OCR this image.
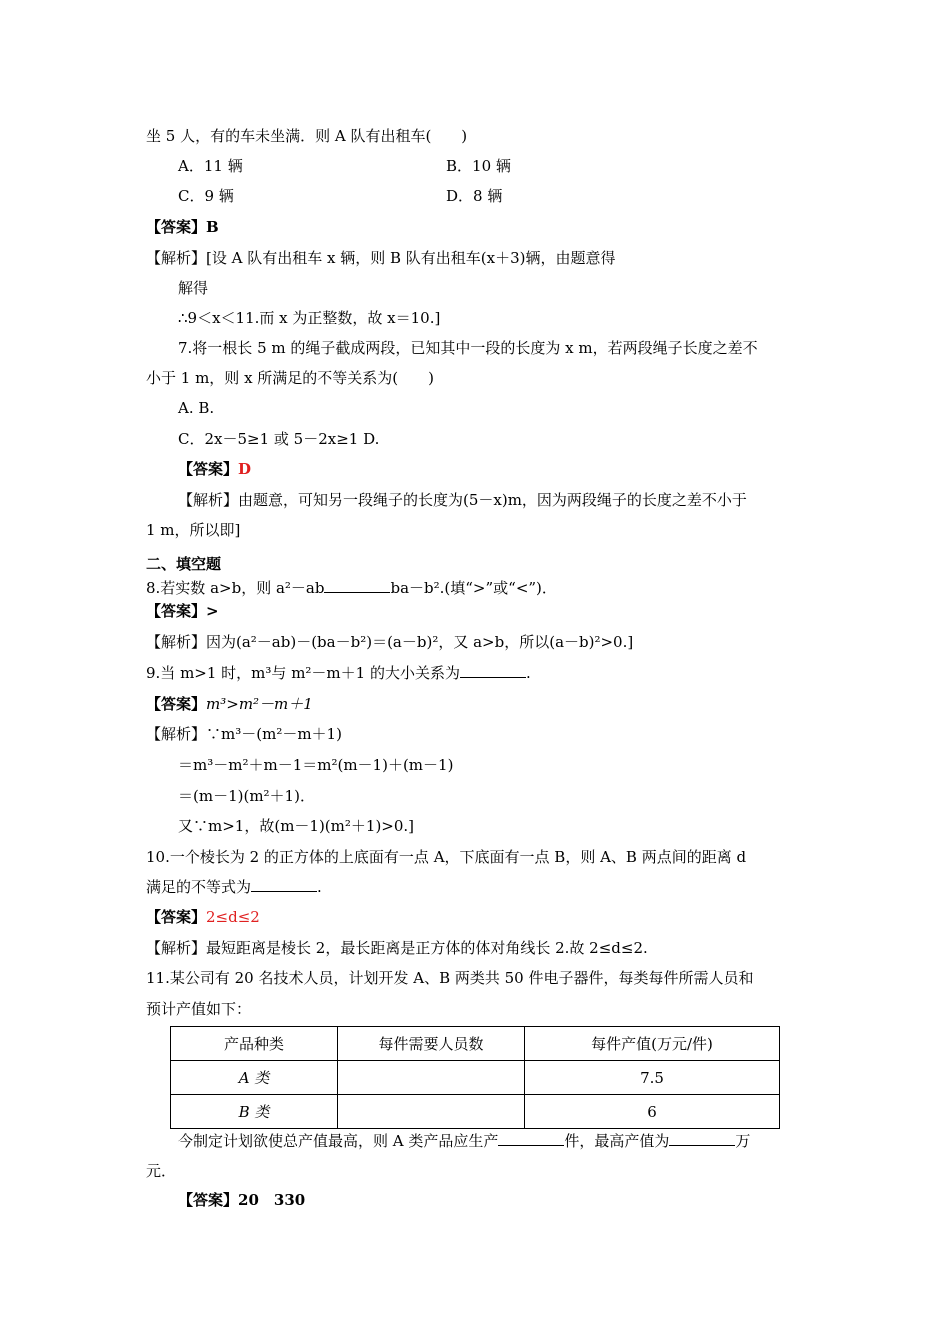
坐 5 人，有的车未坐满．则 A 队有出租车(　　)
A．11 辆	B．10 辆
C．9 辆	D．8 辆
【答案】B
【解析】[设 A 队有出租车 x 辆，则 B 队有出租车(x＋3)辆，由题意得
解得
∴9＜x＜11.而 x 为正整数，故 x＝10.]
7.将一根长 5 m 的绳子截成两段，已知其中一段的长度为 x m，若两段绳子长度之差不
小于 1 m，则 x 所满足的不等关系为(　　)
A. B.
C．2x－5≥1 或 5－2x≥1 D.
【答案】D
【解析】由题意，可知另一段绳子的长度为(5－x)m，因为两段绳子的长度之差不小于
1 m，所以即]
二、填空题
8.若实数 a>b，则 a²－ab	ba－b².(填“>”或“<”)．
【答案】>
【解析】因为(a²－ab)－(ba－b²)＝(a－b)²，又 a>b，所以(a－b)²>0.]
9.当 m>1 时，m³与 m²－m＋1 的大小关系为	.
【答案】m³>m²－m＋1
【解析】∵m³－(m²－m＋1)
＝m³－m²＋m－1＝m²(m－1)＋(m－1)
＝(m－1)(m²＋1)．
又∵m>1，故(m－1)(m²＋1)>0.]
10.一个棱长为 2 的正方体的上底面有一点 A，下底面有一点 B，则 A、B 两点间的距离 d
满足的不等式为	.
【答案】2≤d≤2
【解析】最短距离是棱长 2，最长距离是正方体的体对角线长 2.故 2≤d≤2.
11.某公司有 20 名技术人员，计划开发 A、B 两类共 50 件电子器件，每类每件所需人员和
预计产值如下：
产品种类	每件需要人员数	每件产值(万元/件)
A 类		7.5
B 类		6
今制定计划欲使总产值最高，则 A 类产品应生产	件，最高产值为	万
元．
【答案】20　330
